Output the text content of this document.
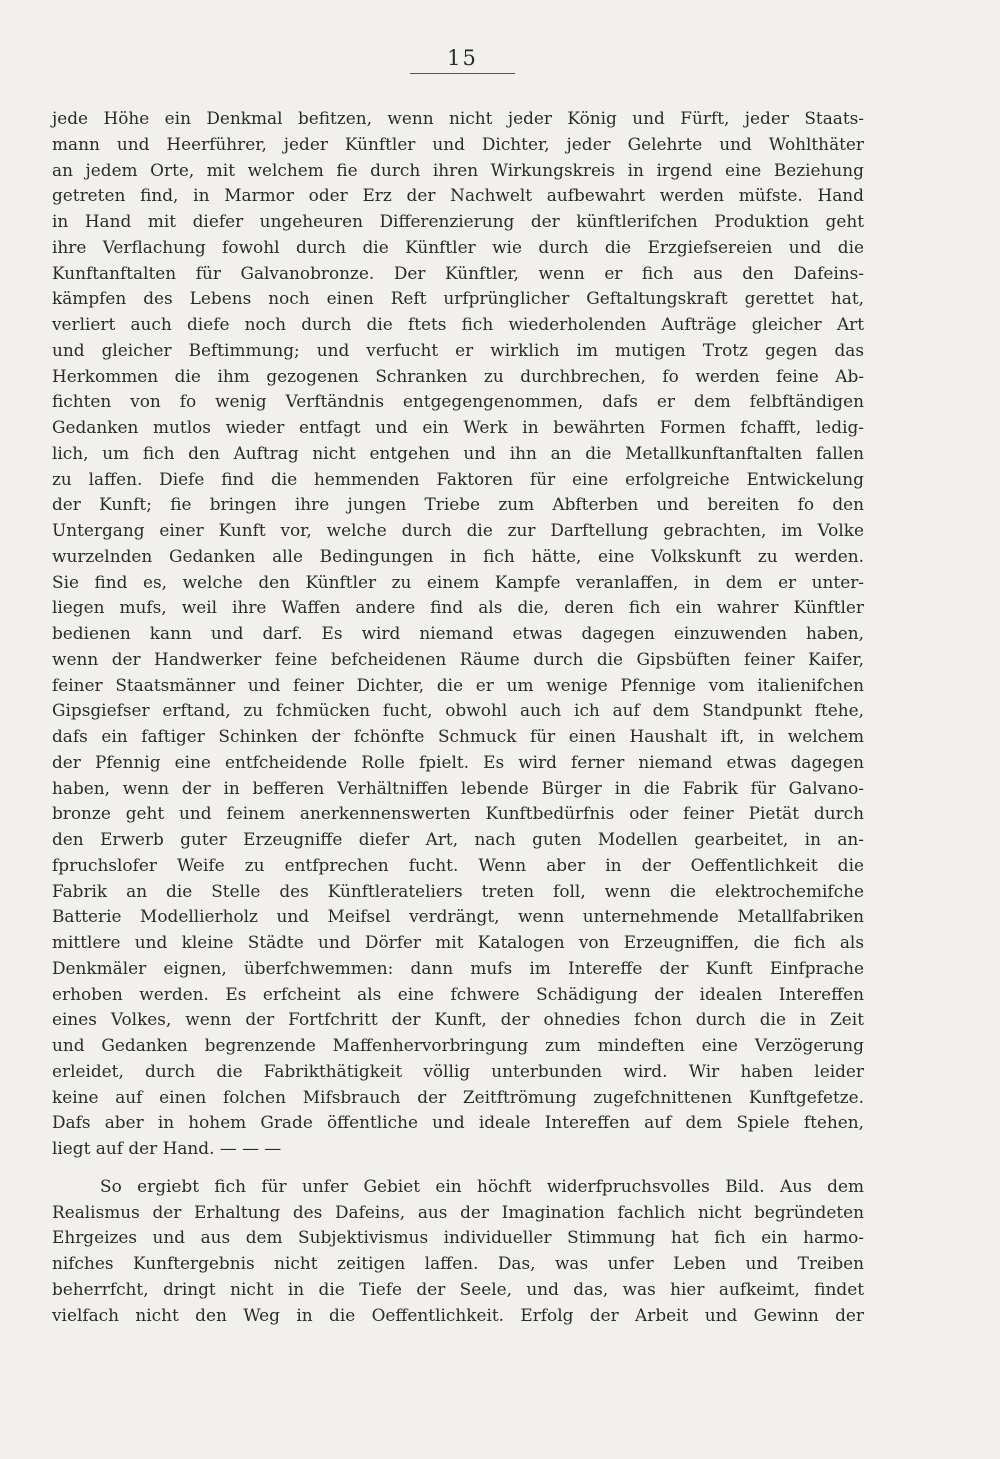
15
jede Höhe ein Denkmal befitzen, wenn nicht jeder König und Fürft, jeder Staats-
mann und Heerführer, jeder Künftler und Dichter, jeder Gelehrte und Wohlthäter
an jedem Orte, mit welchem fie durch ihren Wirkungskreis in irgend eine Beziehung
getreten find, in Marmor oder Erz der Nachwelt aufbewahrt werden müfste. Hand
in Hand mit diefer ungeheuren Differenzierung der künftlerifchen Produktion geht
ihre Verflachung fowohl durch die Künftler wie durch die Erzgiefsereien und die
Kunftanftalten für Galvanobronze. Der Künftler, wenn er fich aus den Dafeins-
kämpfen des Lebens noch einen Reft urfprünglicher Geftaltungskraft gerettet hat,
verliert auch diefe noch durch die ftets fich wiederholenden Aufträge gleicher Art
und gleicher Beftimmung; und verfucht er wirklich im mutigen Trotz gegen das
Herkommen die ihm gezogenen Schranken zu durchbrechen, fo werden feine Ab-
fichten von fo wenig Verftändnis entgegengenommen, dafs er dem felbftändigen
Gedanken mutlos wieder entfagt und ein Werk in bewährten Formen fchafft, ledig-
lich, um fich den Auftrag nicht entgehen und ihn an die Metallkunftanftalten fallen
zu laffen. Diefe find die hemmenden Faktoren für eine erfolgreiche Entwickelung
der Kunft; fie bringen ihre jungen Triebe zum Abfterben und bereiten fo den
Untergang einer Kunft vor, welche durch die zur Darftellung gebrachten, im Volke
wurzelnden Gedanken alle Bedingungen in fich hätte, eine Volkskunft zu werden.
Sie find es, welche den Künftler zu einem Kampfe veranlaffen, in dem er unter-
liegen mufs, weil ihre Waffen andere find als die, deren fich ein wahrer Künftler
bedienen kann und darf. Es wird niemand etwas dagegen einzuwenden haben,
wenn der Handwerker feine befcheidenen Räume durch die Gipsbüften feiner Kaifer,
feiner Staatsmänner und feiner Dichter, die er um wenige Pfennige vom italienifchen
Gipsgiefser erftand, zu fchmücken fucht, obwohl auch ich auf dem Standpunkt ftehe,
dafs ein faftiger Schinken der fchönfte Schmuck für einen Haushalt ift, in welchem
der Pfennig eine entfcheidende Rolle fpielt. Es wird ferner niemand etwas dagegen
haben, wenn der in befferen Verhältniffen lebende Bürger in die Fabrik für Galvano-
bronze geht und feinem anerkennenswerten Kunftbedürfnis oder feiner Pietät durch
den Erwerb guter Erzeugniffe diefer Art, nach guten Modellen gearbeitet, in an-
fpruchslofer Weife zu entfprechen fucht. Wenn aber in der Oeffentlichkeit die
Fabrik an die Stelle des Künftlerateliers treten foll, wenn die elektrochemifche
Batterie Modellierholz und Meifsel verdrängt, wenn unternehmende Metallfabriken
mittlere und kleine Städte und Dörfer mit Katalogen von Erzeugniffen, die fich als
Denkmäler eignen, überfchwemmen: dann mufs im Intereffe der Kunft Einfprache
erhoben werden. Es erfcheint als eine fchwere Schädigung der idealen Intereffen
eines Volkes, wenn der Fortfchritt der Kunft, der ohnedies fchon durch die in Zeit
und Gedanken begrenzende Maffenhervorbringung zum mindeften eine Verzögerung
erleidet, durch die Fabrikthätigkeit völlig unterbunden wird. Wir haben leider
keine auf einen folchen Mifsbrauch der Zeitftrömung zugefchnittenen Kunftgefetze.
Dafs aber in hohem Grade öffentliche und ideale Intereffen auf dem Spiele ftehen,
liegt auf der Hand. — — —
So ergiebt fich für unfer Gebiet ein höchft widerfpruchsvolles Bild. Aus dem
Realismus der Erhaltung des Dafeins, aus der Imagination fachlich nicht begründeten
Ehrgeizes und aus dem Subjektivismus individueller Stimmung hat fich ein harmo-
nifches Kunftergebnis nicht zeitigen laffen. Das, was unfer Leben und Treiben
beherrfcht, dringt nicht in die Tiefe der Seele, und das, was hier aufkeimt, findet
vielfach nicht den Weg in die Oeffentlichkeit. Erfolg der Arbeit und Gewinn der
